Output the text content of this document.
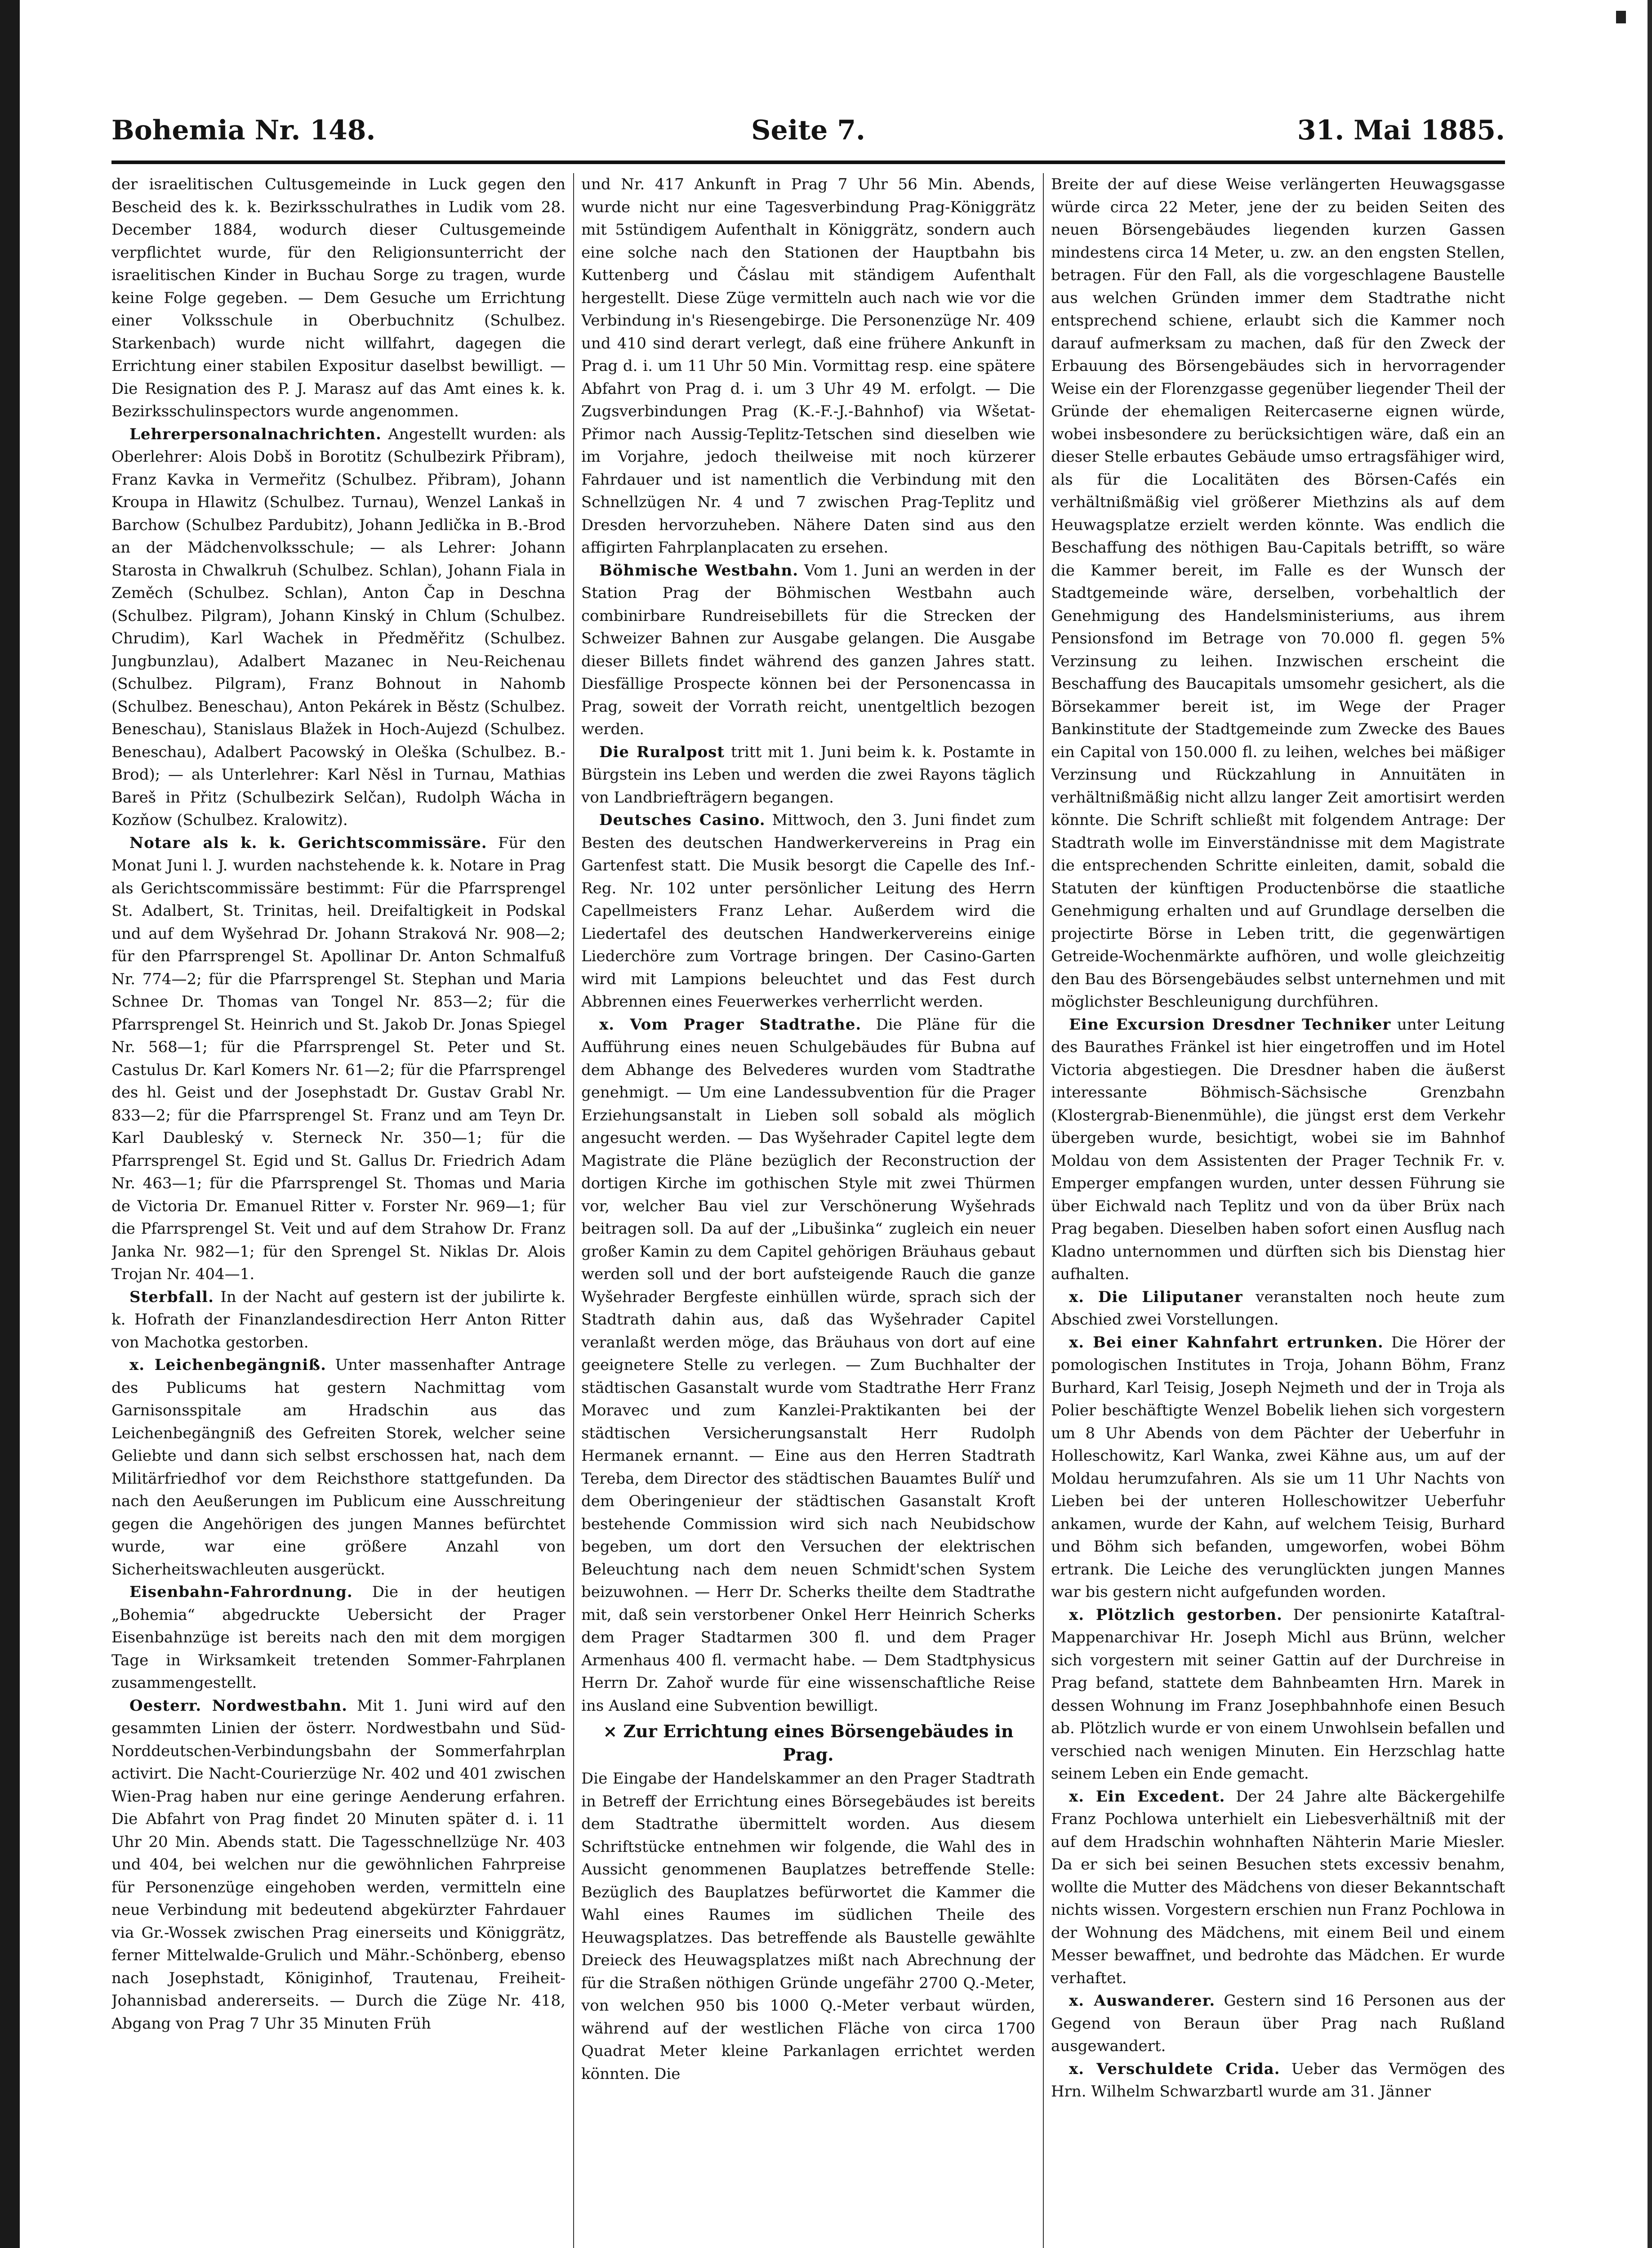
Bohemia Nr. 148.	Seite 7.	31. Mai 1885.

der israelitischen Cultusgemeinde in Luck gegen den Bescheid des k. k. Bezirksschulrathes in Ludik vom 28. December 1884, wodurch dieser Cultusgemeinde verpflichtet wurde, für den Religionsunterricht der israelitischen Kinder in Buchau Sorge zu tragen, wurde keine Folge gegeben. — Dem Gesuche um Errichtung einer Volksschule in Oberbuchnitz (Schulbez. Starkenbach) wurde nicht willfahrt, dagegen die Errichtung einer stabilen Expositur daselbst bewilligt. — Die Resignation des P. J. Marasz auf das Amt eines k. k. Bezirksschulinspectors wurde angenommen.

Lehrerpersonalnachrichten. Angestellt wurden: als Oberlehrer: Alois Dobš in Borotitz (Schulbezirk Přibram), Franz Kavka in Vermeřitz (Schulbez. Přibram), Johann Kroupa in Hlawitz (Schulbez. Turnau), Wenzel Lankaš in Barchow (Schulbez Pardubitz), Johann Jedlička in B.-Brod an der Mädchenvolksschule; — als Lehrer: Johann Starosta in Chwalkruh (Schulbez. Schlan), Johann Fiala in Zeměch (Schulbez. Schlan), Anton Čap in Deschna (Schulbez. Pilgram), Johann Kinský in Chlum (Schulbez. Chrudim), Karl Wachek in Předměřitz (Schulbez. Jungbunzlau), Adalbert Mazanec in Neu-Reichenau (Schulbez. Pilgram), Franz Bohnout in Nahomb (Schulbez. Beneschau), Anton Pekárek in Běstz (Schulbez. Beneschau), Stanislaus Blažek in Hoch-Aujezd (Schulbez. Beneschau), Adalbert Pacowský in Oleška (Schulbez. B.-Brod); — als Unterlehrer: Karl Něsl in Turnau, Mathias Bareš in Přitz (Schulbezirk Selčan), Rudolph Wácha in Kozňow (Schulbez. Kralowitz).

Notare als k. k. Gerichtscommissäre. Für den Monat Juni l. J. wurden nachstehende k. k. Notare in Prag als Gerichtscommissäre bestimmt: Für die Pfarrsprengel St. Adalbert, St. Trinitas, heil. Dreifaltigkeit in Podskal und auf dem Wyšehrad Dr. Johann Straková Nr. 908—2; für den Pfarrsprengel St. Apollinar Dr. Anton Schmalfuß Nr. 774—2; für die Pfarrsprengel St. Stephan und Maria Schnee Dr. Thomas van Tongel Nr. 853—2; für die Pfarrsprengel St. Heinrich und St. Jakob Dr. Jonas Spiegel Nr. 568—1; für die Pfarrsprengel St. Peter und St. Castulus Dr. Karl Komers Nr. 61—2; für die Pfarrsprengel des hl. Geist und der Josephstadt Dr. Gustav Grabl Nr. 833—2; für die Pfarrsprengel St. Franz und am Teyn Dr. Karl Daubleský v. Sterneck Nr. 350—1; für die Pfarrsprengel St. Egid und St. Gallus Dr. Friedrich Adam Nr. 463—1; für die Pfarrsprengel St. Thomas und Maria de Victoria Dr. Emanuel Ritter v. Forster Nr. 969—1; für die Pfarrsprengel St. Veit und auf dem Strahow Dr. Franz Janka Nr. 982—1; für den Sprengel St. Niklas Dr. Alois Trojan Nr. 404—1.

Sterbfall. In der Nacht auf gestern ist der jubilirte k. k. Hofrath der Finanzlandesdirection Herr Anton Ritter von Machotka gestorben.

x. Leichenbegängniß. Unter massenhafter Antrage des Publicums hat gestern Nachmittag vom Garnisonsspitale am Hradschin aus das Leichenbegängniß des Gefreiten Storek, welcher seine Geliebte und dann sich selbst erschossen hat, nach dem Militärfriedhof vor dem Reichsthore stattgefunden. Da nach den Aeußerungen im Publicum eine Ausschreitung gegen die Angehörigen des jungen Mannes befürchtet wurde, war eine größere Anzahl von Sicherheitswachleuten ausgerückt.

Eisenbahn-Fahrordnung. Die in der heutigen „Bohemia“ abgedruckte Uebersicht der Prager Eisenbahnzüge ist bereits nach den mit dem morgigen Tage in Wirksamkeit tretenden Sommer-Fahrplanen zusammengestellt.

Oesterr. Nordwestbahn. Mit 1. Juni wird auf den gesammten Linien der österr. Nordwestbahn und Süd-Norddeutschen-Verbindungsbahn der Sommerfahrplan activirt. Die Nacht-Courierzüge Nr. 402 und 401 zwischen Wien-Prag haben nur eine geringe Aenderung erfahren. Die Abfahrt von Prag findet 20 Minuten später d. i. 11 Uhr 20 Min. Abends statt. Die Tagesschnellzüge Nr. 403 und 404, bei welchen nur die gewöhnlichen Fahrpreise für Personenzüge eingehoben werden, vermitteln eine neue Verbindung mit bedeutend abgekürzter Fahrdauer via Gr.-Wossek zwischen Prag einerseits und Königgrätz, ferner Mittelwalde-Grulich und Mähr.-Schönberg, ebenso nach Josephstadt, Königinhof, Trautenau, Freiheit-Johannisbad andererseits. — Durch die Züge Nr. 418, Abgang von Prag 7 Uhr 35 Minuten Früh

und Nr. 417 Ankunft in Prag 7 Uhr 56 Min. Abends, wurde nicht nur eine Tagesverbindung Prag-Königgrätz mit 5stündigem Aufenthalt in Königgrätz, sondern auch eine solche nach den Stationen der Hauptbahn bis Kuttenberg und Čáslau mit ständigem Aufenthalt hergestellt. Diese Züge vermitteln auch nach wie vor die Verbindung in's Riesengebirge. Die Personenzüge Nr. 409 und 410 sind derart verlegt, daß eine frühere Ankunft in Prag d. i. um 11 Uhr 50 Min. Vormittag resp. eine spätere Abfahrt von Prag d. i. um 3 Uhr 49 M. erfolgt. — Die Zugsverbindungen Prag (K.-F.-J.-Bahnhof) via Wšetat-Přimor nach Aussig-Teplitz-Tetschen sind dieselben wie im Vorjahre, jedoch theilweise mit noch kürzerer Fahrdauer und ist namentlich die Verbindung mit den Schnellzügen Nr. 4 und 7 zwischen Prag-Teplitz und Dresden hervorzuheben. Nähere Daten sind aus den affigirten Fahrplanplacaten zu ersehen.

Böhmische Westbahn. Vom 1. Juni an werden in der Station Prag der Böhmischen Westbahn auch combinirbare Rundreisebillets für die Strecken der Schweizer Bahnen zur Ausgabe gelangen. Die Ausgabe dieser Billets findet während des ganzen Jahres statt. Diesfällige Prospecte können bei der Personencassa in Prag, soweit der Vorrath reicht, unentgeltlich bezogen werden.

Die Ruralpost tritt mit 1. Juni beim k. k. Postamte in Bürgstein ins Leben und werden die zwei Rayons täglich von Landbriefträgern begangen.

Deutsches Casino. Mittwoch, den 3. Juni findet zum Besten des deutschen Handwerkervereins in Prag ein Gartenfest statt. Die Musik besorgt die Capelle des Inf.-Reg. Nr. 102 unter persönlicher Leitung des Herrn Capellmeisters Franz Lehar. Außerdem wird die Liedertafel des deutschen Handwerkervereins einige Liederchöre zum Vortrage bringen. Der Casino-Garten wird mit Lampions beleuchtet und das Fest durch Abbrennen eines Feuerwerkes verherrlicht werden.

x. Vom Prager Stadtrathe. Die Pläne für die Aufführung eines neuen Schulgebäudes für Bubna auf dem Abhange des Belvederes wurden vom Stadtrathe genehmigt. — Um eine Landessubvention für die Prager Erziehungsanstalt in Lieben soll sobald als möglich angesucht werden. — Das Wyšehrader Capitel legte dem Magistrate die Pläne bezüglich der Reconstruction der dortigen Kirche im gothischen Style mit zwei Thürmen vor, welcher Bau viel zur Verschönerung Wyšehrads beitragen soll. Da auf der „Libušinka“ zugleich ein neuer großer Kamin zu dem Capitel gehörigen Bräuhaus gebaut werden soll und der bort aufsteigende Rauch die ganze Wyšehrader Bergfeste einhüllen würde, sprach sich der Stadtrath dahin aus, daß das Wyšehrader Capitel veranlaßt werden möge, das Bräuhaus von dort auf eine geeignetere Stelle zu verlegen. — Zum Buchhalter der städtischen Gasanstalt wurde vom Stadtrathe Herr Franz Moravec und zum Kanzlei-Praktikanten bei der städtischen Versicherungsanstalt Herr Rudolph Hermanek ernannt. — Eine aus den Herren Stadtrath Tereba, dem Director des städtischen Bauamtes Bulíř und dem Oberingenieur der städtischen Gasanstalt Kroft bestehende Commission wird sich nach Neubidschow begeben, um dort den Versuchen der elektrischen Beleuchtung nach dem neuen Schmidt'schen System beizuwohnen. — Herr Dr. Scherks theilte dem Stadtrathe mit, daß sein verstorbener Onkel Herr Heinrich Scherks dem Prager Stadtarmen 300 fl. und dem Prager Armenhaus 400 fl. vermacht habe. — Dem Stadtphysicus Herrn Dr. Zahoř wurde für eine wissenschaftliche Reise ins Ausland eine Subvention bewilligt.

× Zur Errichtung eines Börsengebäudes in Prag.

Die Eingabe der Handelskammer an den Prager Stadtrath in Betreff der Errichtung eines Börsegebäudes ist bereits dem Stadtrathe übermittelt worden. Aus diesem Schriftstücke entnehmen wir folgende, die Wahl des in Aussicht genommenen Bauplatzes betreffende Stelle: Bezüglich des Bauplatzes befürwortet die Kammer die Wahl eines Raumes im südlichen Theile des Heuwagsplatzes. Das betreffende als Baustelle gewählte Dreieck des Heuwagsplatzes mißt nach Abrechnung der für die Straßen nöthigen Gründe ungefähr 2700 Q.-Meter, von welchen 950 bis 1000 Q.-Meter verbaut würden, während auf der westlichen Fläche von circa 1700 Quadrat Meter kleine Parkanlagen errichtet werden könnten. Die

Breite der auf diese Weise verlängerten Heuwagsgasse würde circa 22 Meter, jene der zu beiden Seiten des neuen Börsengebäudes liegenden kurzen Gassen mindestens circa 14 Meter, u. zw. an den engsten Stellen, betragen. Für den Fall, als die vorgeschlagene Baustelle aus welchen Gründen immer dem Stadtrathe nicht entsprechend schiene, erlaubt sich die Kammer noch darauf aufmerksam zu machen, daß für den Zweck der Erbauung des Börsengebäudes sich in hervorragender Weise ein der Florenzgasse gegenüber liegender Theil der Gründe der ehemaligen Reitercaserne eignen würde, wobei insbesondere zu berücksichtigen wäre, daß ein an dieser Stelle erbautes Gebäude umso ertragsfähiger wird, als für die Localitäten des Börsen-Cafés ein verhältnißmäßig viel größerer Miethzins als auf dem Heuwagsplatze erzielt werden könnte. Was endlich die Beschaffung des nöthigen Bau-Capitals betrifft, so wäre die Kammer bereit, im Falle es der Wunsch der Stadtgemeinde wäre, derselben, vorbehaltlich der Genehmigung des Handelsministeriums, aus ihrem Pensionsfond im Betrage von 70.000 fl. gegen 5% Verzinsung zu leihen. Inzwischen erscheint die Beschaffung des Baucapitals umsomehr gesichert, als die Börsekammer bereit ist, im Wege der Prager Bankinstitute der Stadtgemeinde zum Zwecke des Baues ein Capital von 150.000 fl. zu leihen, welches bei mäßiger Verzinsung und Rückzahlung in Annuitäten in verhältnißmäßig nicht allzu langer Zeit amortisirt werden könnte. Die Schrift schließt mit folgendem Antrage: Der Stadtrath wolle im Einverständnisse mit dem Magistrate die entsprechenden Schritte einleiten, damit, sobald die Statuten der künftigen Productenbörse die staatliche Genehmigung erhalten und auf Grundlage derselben die projectirte Börse in Leben tritt, die gegenwärtigen Getreide-Wochenmärkte aufhören, und wolle gleichzeitig den Bau des Börsengebäudes selbst unternehmen und mit möglichster Beschleunigung durchführen.

Eine Excursion Dresdner Techniker unter Leitung des Baurathes Fränkel ist hier eingetroffen und im Hotel Victoria abgestiegen. Die Dresdner haben die äußerst interessante Böhmisch-Sächsische Grenzbahn (Klostergrab-Bienenmühle), die jüngst erst dem Verkehr übergeben wurde, besichtigt, wobei sie im Bahnhof Moldau von dem Assistenten der Prager Technik Fr. v. Emperger empfangen wurden, unter dessen Führung sie über Eichwald nach Teplitz und von da über Brüx nach Prag begaben. Dieselben haben sofort einen Ausflug nach Kladno unternommen und dürften sich bis Dienstag hier aufhalten.

x. Die Liliputaner veranstalten noch heute zum Abschied zwei Vorstellungen.

x. Bei einer Kahnfahrt ertrunken. Die Hörer der pomologischen Institutes in Troja, Johann Böhm, Franz Burhard, Karl Teisig, Joseph Nejmeth und der in Troja als Polier beschäftigte Wenzel Bobelik liehen sich vorgestern um 8 Uhr Abends von dem Pächter der Ueberfuhr in Holleschowitz, Karl Wanka, zwei Kähne aus, um auf der Moldau herumzufahren. Als sie um 11 Uhr Nachts von Lieben bei der unteren Holleschowitzer Ueberfuhr ankamen, wurde der Kahn, auf welchem Teisig, Burhard und Böhm sich befanden, umgeworfen, wobei Böhm ertrank. Die Leiche des verunglückten jungen Mannes war bis gestern nicht aufgefunden worden.

x. Plötzlich gestorben. Der pensionirte Kataſtral-Mappenarchivar Hr. Joseph Michl aus Brünn, welcher sich vorgestern mit seiner Gattin auf der Durchreise in Prag befand, stattete dem Bahnbeamten Hrn. Marek in dessen Wohnung im Franz Josephbahnhofe einen Besuch ab. Plötzlich wurde er von einem Unwohlsein befallen und verschied nach wenigen Minuten. Ein Herzschlag hatte seinem Leben ein Ende gemacht.

x. Ein Excedent. Der 24 Jahre alte Bäckergehilfe Franz Pochlowa unterhielt ein Liebesverhältniß mit der auf dem Hradschin wohnhaften Nähterin Marie Miesler. Da er sich bei seinen Besuchen stets excessiv benahm, wollte die Mutter des Mädchens von dieser Bekanntschaft nichts wissen. Vorgestern erschien nun Franz Pochlowa in der Wohnung des Mädchens, mit einem Beil und einem Messer bewaffnet, und bedrohte das Mädchen. Er wurde verhaftet.

x. Auswanderer. Gestern sind 16 Personen aus der Gegend von Beraun über Prag nach Rußland ausgewandert.

x. Verschuldete Crida. Ueber das Vermögen des Hrn. Wilhelm Schwarzbartl wurde am 31. Jänner
